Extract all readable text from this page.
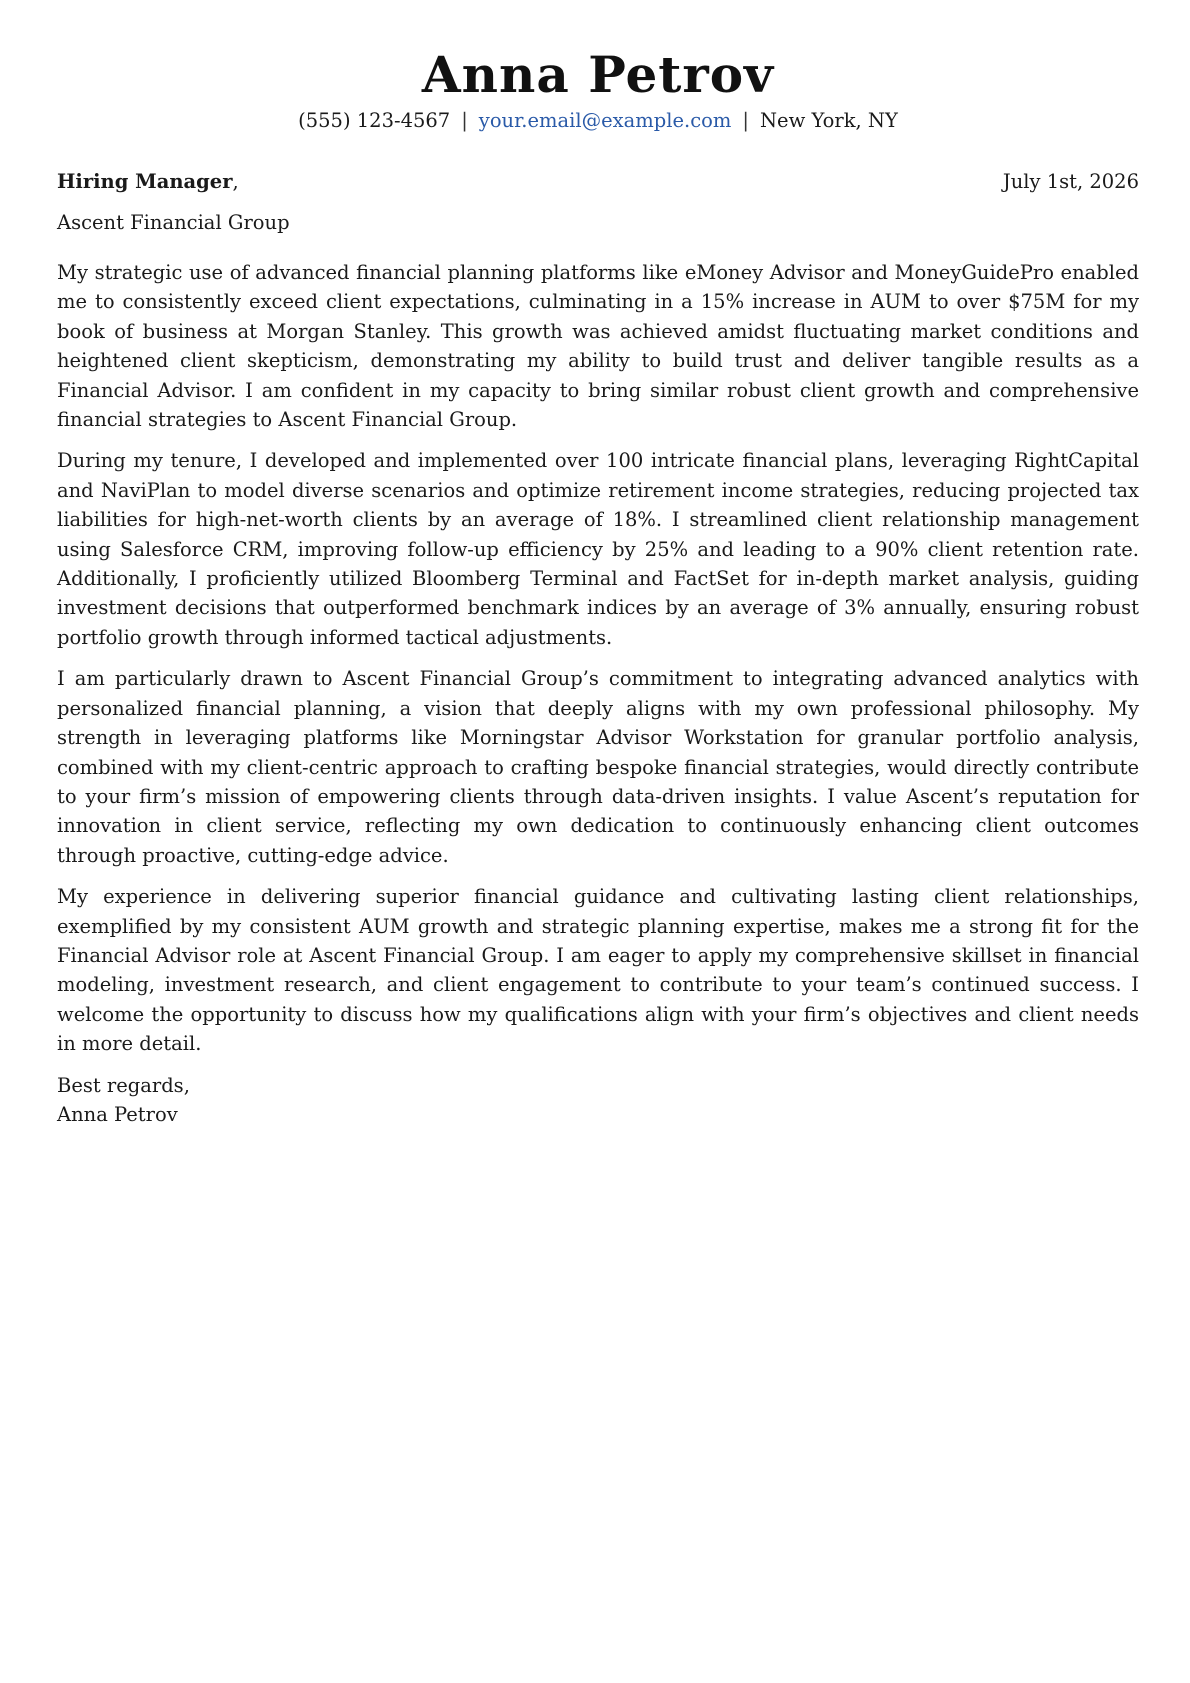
Anna Petrov
(555) 123-4567 | your.email@example.com | New York, NY
Hiring Manager,	July 1st, 2026
Ascent Financial Group

My strategic use of advanced financial planning platforms like eMoney Advisor and MoneyGuidePro enabled me to consistently exceed client expectations, culminating in a 15% increase in AUM to over $75M for my book of business at Morgan Stanley. This growth was achieved amidst fluctuating market conditions and heightened client skepticism, demonstrating my ability to build trust and deliver tangible results as a Financial Advisor. I am confident in my capacity to bring similar robust client growth and comprehensive financial strategies to Ascent Financial Group.

During my tenure, I developed and implemented over 100 intricate financial plans, leveraging RightCapital and NaviPlan to model diverse scenarios and optimize retirement income strategies, reducing projected tax liabilities for high-net-worth clients by an average of 18%. I streamlined client relationship management using Salesforce CRM, improving follow-up efficiency by 25% and leading to a 90% client retention rate. Additionally, I proficiently utilized Bloomberg Terminal and FactSet for in-depth market analysis, guiding investment decisions that outperformed benchmark indices by an average of 3% annually, ensuring robust portfolio growth through informed tactical adjustments.

I am particularly drawn to Ascent Financial Group’s commitment to integrating advanced analytics with personalized financial planning, a vision that deeply aligns with my own professional philosophy. My strength in leveraging platforms like Morningstar Advisor Workstation for granular portfolio analysis, combined with my client-centric approach to crafting bespoke financial strategies, would directly contribute to your firm’s mission of empowering clients through data-driven insights. I value Ascent’s reputation for innovation in client service, reflecting my own dedication to continuously enhancing client outcomes through proactive, cutting-edge advice.

My experience in delivering superior financial guidance and cultivating lasting client relationships, exemplified by my consistent AUM growth and strategic planning expertise, makes me a strong fit for the Financial Advisor role at Ascent Financial Group. I am eager to apply my comprehensive skillset in financial modeling, investment research, and client engagement to contribute to your team’s continued success. I welcome the opportunity to discuss how my qualifications align with your firm’s objectives and client needs in more detail.

Best regards,
Anna Petrov
